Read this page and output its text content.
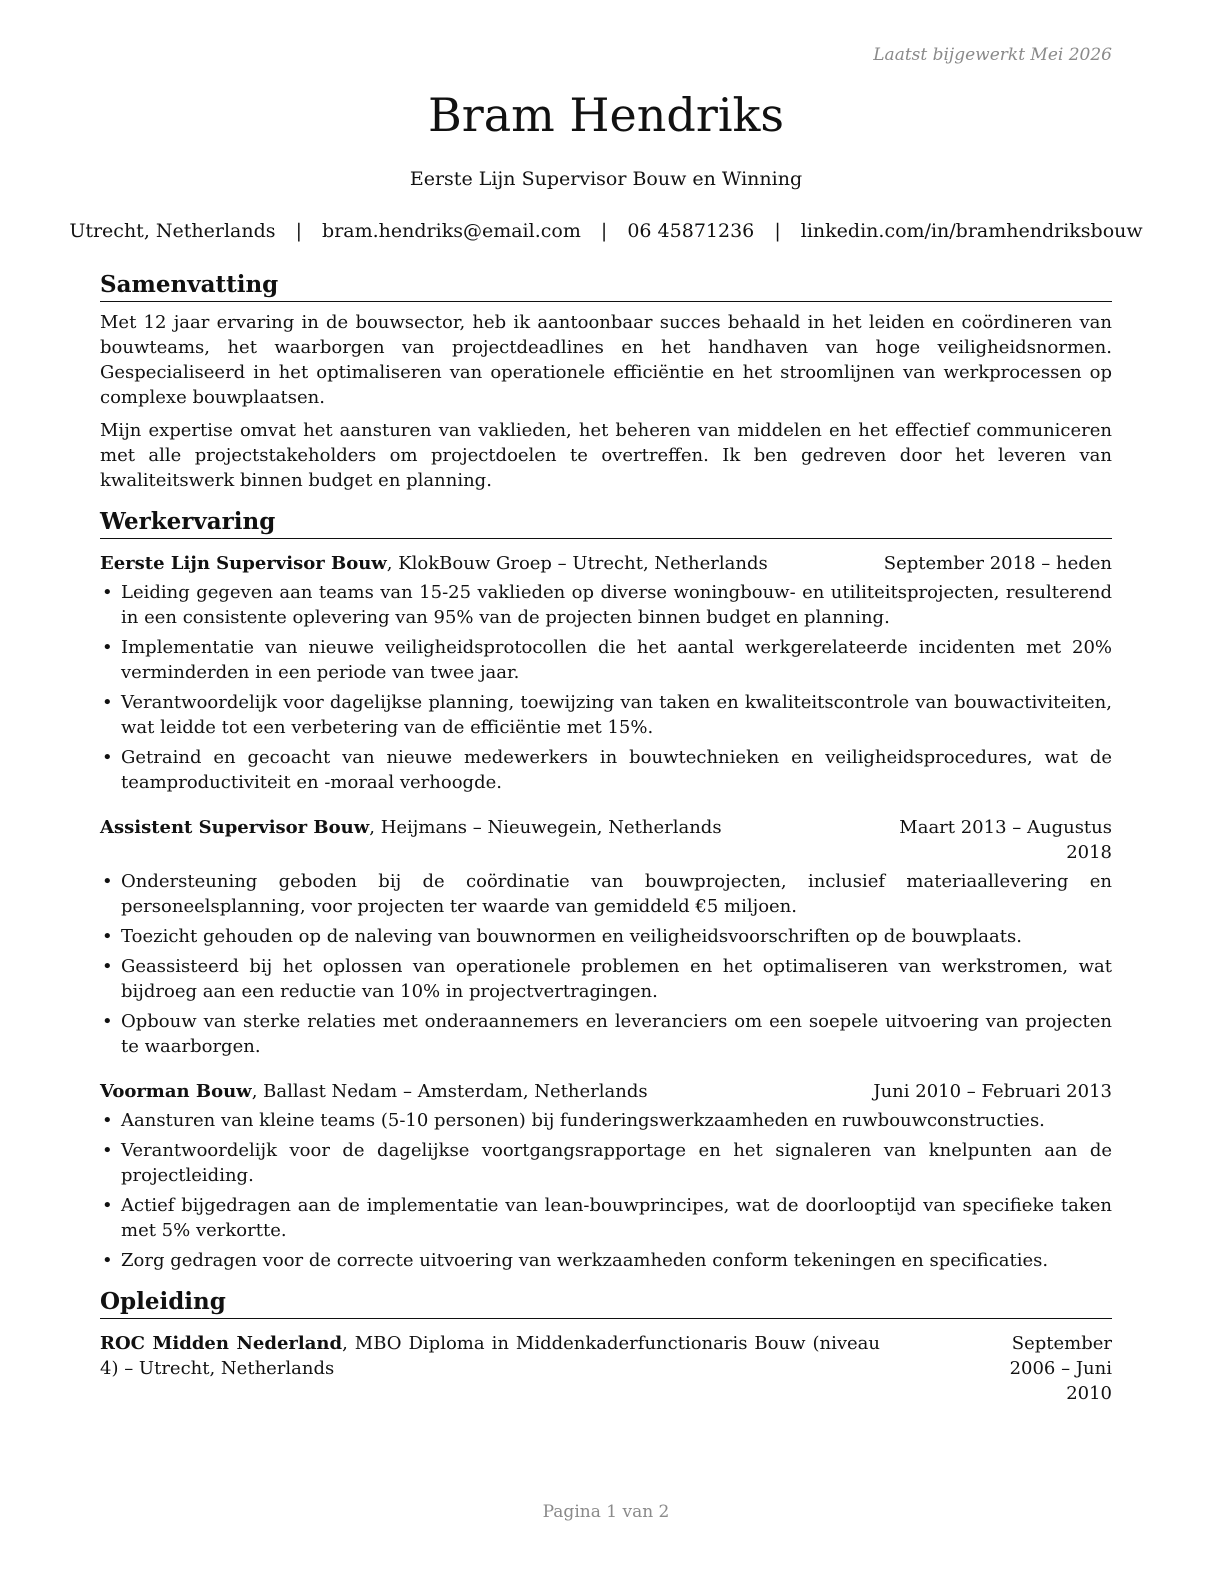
Laatst bijgewerkt Mei 2026
Bram Hendriks
Eerste Lijn Supervisor Bouw en Winning
Utrecht, Netherlands | bram.hendriks@email.com | 06 45871236 | linkedin.com/in/bramhendriksbouw
Samenvatting

Met 12 jaar ervaring in de bouwsector, heb ik aantoonbaar succes behaald in het leiden en coördineren van bouwteams, het waarborgen van projectdeadlines en het handhaven van hoge veiligheidsnormen. Gespecialiseerd in het optimaliseren van operationele efficiëntie en het stroomlijnen van werkprocessen op complexe bouwplaatsen.

Mijn expertise omvat het aansturen van vaklieden, het beheren van middelen en het effectief communiceren met alle projectstakeholders om projectdoelen te overtreffen. Ik ben gedreven door het leveren van kwaliteitswerk binnen budget en planning.

Werkervaring
Eerste Lijn Supervisor Bouw, KlokBouw Groep – Utrecht, Netherlands	September 2018 – heden
• Leiding gegeven aan teams van 15-25 vaklieden op diverse woningbouw- en utiliteitsprojecten, resulterend in een consistente oplevering van 95% van de projecten binnen budget en planning.
• Implementatie van nieuwe veiligheidsprotocollen die het aantal werkgerelateerde incidenten met 20% verminderden in een periode van twee jaar.
• Verantwoordelijk voor dagelijkse planning, toewijzing van taken en kwaliteitscontrole van bouwactiviteiten, wat leidde tot een verbetering van de efficiëntie met 15%.
• Getraind en gecoacht van nieuwe medewerkers in bouwtechnieken en veiligheidsprocedures, wat de teamproductiviteit en -moraal verhoogde.
Assistent Supervisor Bouw, Heijmans – Nieuwegein, Netherlands	Maart 2013 – Augustus 2018
• Ondersteuning geboden bij de coördinatie van bouwprojecten, inclusief materiaallevering en personeelsplanning, voor projecten ter waarde van gemiddeld €5 miljoen.
• Toezicht gehouden op de naleving van bouwnormen en veiligheidsvoorschriften op de bouwplaats.
• Geassisteerd bij het oplossen van operationele problemen en het optimaliseren van werkstromen, wat bijdroeg aan een reductie van 10% in projectvertragingen.
• Opbouw van sterke relaties met onderaannemers en leveranciers om een soepele uitvoering van projecten te waarborgen.
Voorman Bouw, Ballast Nedam – Amsterdam, Netherlands	Juni 2010 – Februari 2013
• Aansturen van kleine teams (5-10 personen) bij funderingswerkzaamheden en ruwbouwconstructies.
• Verantwoordelijk voor de dagelijkse voortgangsrapportage en het signaleren van knelpunten aan de projectleiding.
• Actief bijgedragen aan de implementatie van lean-bouwprincipes, wat de doorlooptijd van specifieke taken met 5% verkortte.
• Zorg gedragen voor de correcte uitvoering van werkzaamheden conform tekeningen en specificaties.
Opleiding
ROC Midden Nederland, MBO Diploma in Middenkaderfunctionaris Bouw (niveau 4) – Utrecht, Netherlands
September 2006 – Juni 2010
Pagina 1 van 2
